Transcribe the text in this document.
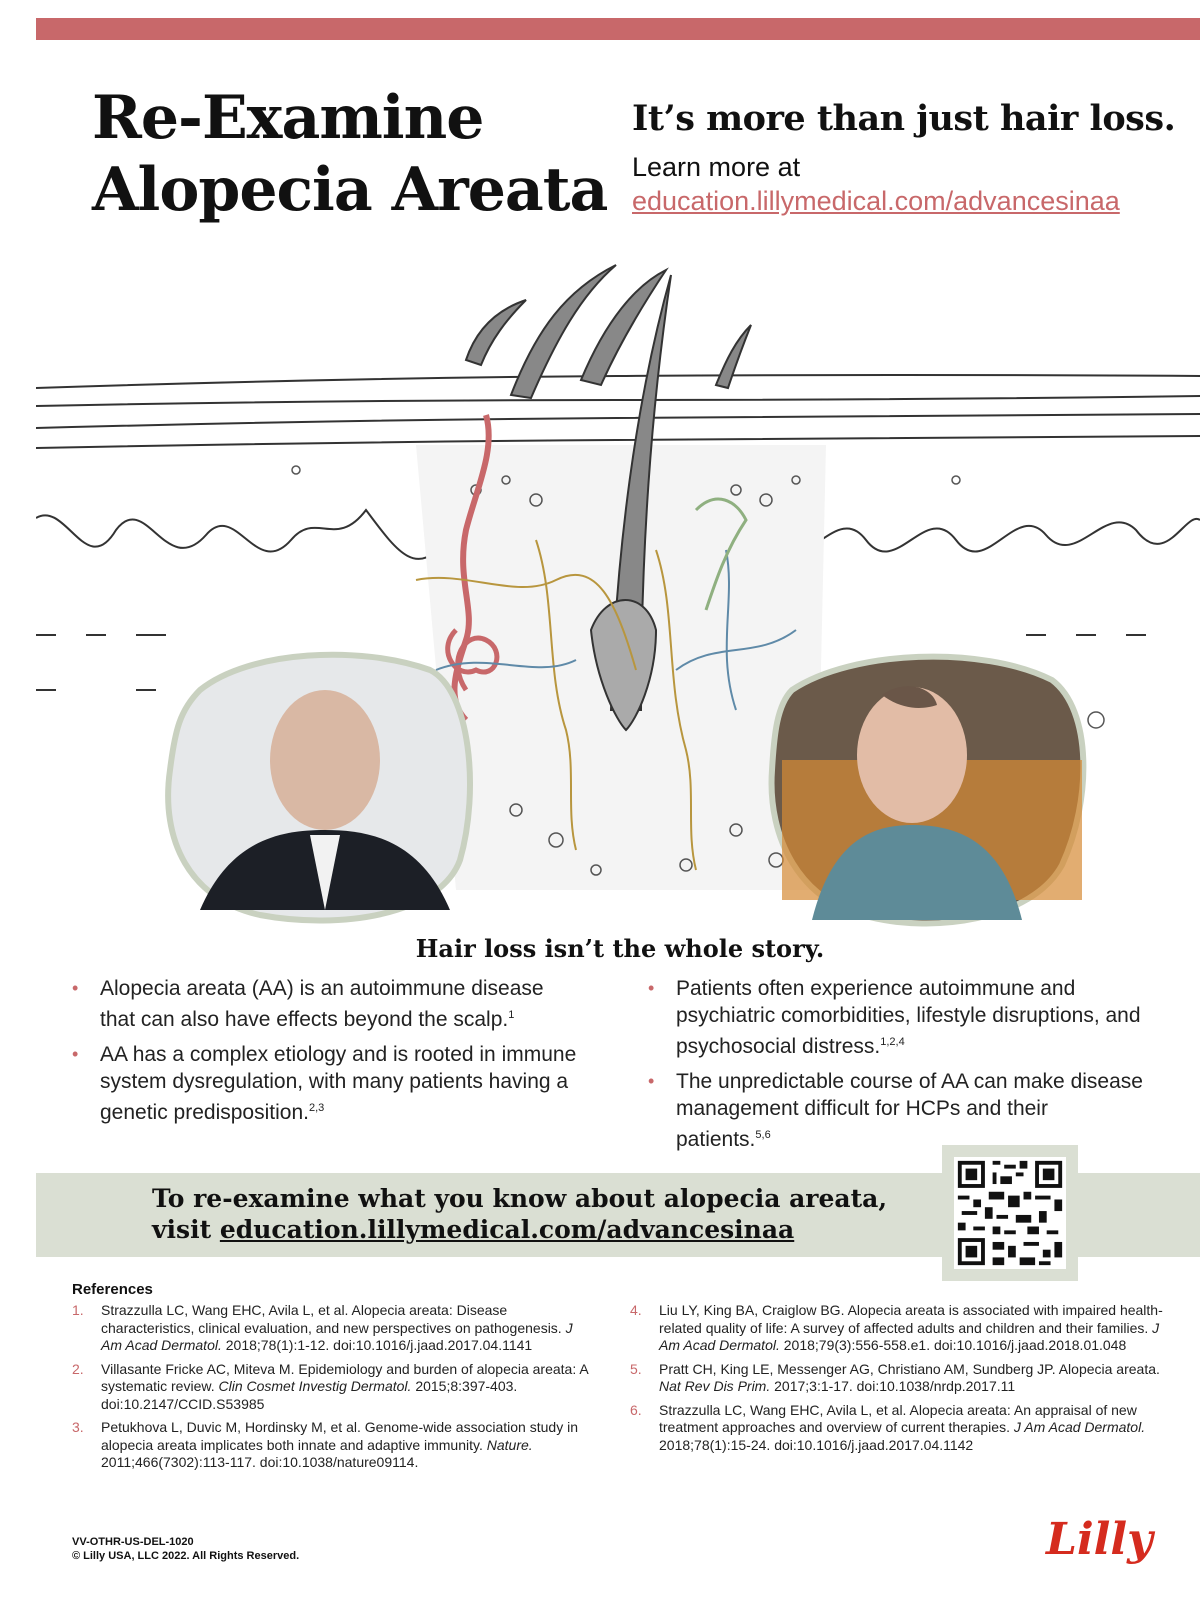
Re-Examine
Alopecia Areata
It’s more than just hair loss.
Learn more at
education.lillymedical.com/advancesinaa
Hair loss isn’t the whole story.
• Alopecia areata (AA) is an autoimmune disease that can also have effects beyond the scalp.$^1$
• AA has a complex etiology and is rooted in immune system dysregulation, with many patients having a genetic predisposition.$^{2,3}$
• Patients often experience autoimmune and psychiatric comorbidities, lifestyle disruptions, and psychosocial distress.$^{1,2,4}$
• The unpredictable course of AA can make disease management difficult for HCPs and their patients.$^{5,6}$
To re-examine what you know about alopecia areata,
visit education.lillymedical.com/advancesinaa
References
1. Strazzulla LC, Wang EHC, Avila L, et al. Alopecia areata: Disease characteristics, clinical evaluation, and new perspectives on pathogenesis. J Am Acad Dermatol. 2018;78(1):1-12. doi:10.1016/j.jaad.2017.04.1141
2. Villasante Fricke AC, Miteva M. Epidemiology and burden of alopecia areata: A systematic review. Clin Cosmet Investig Dermatol. 2015;8:397-403. doi:10.2147/CCID.S53985
3. Petukhova L, Duvic M, Hordinsky M, et al. Genome-wide association study in alopecia areata implicates both innate and adaptive immunity. Nature. 2011;466(7302):113-117. doi:10.1038/nature09114.
4. Liu LY, King BA, Craiglow BG. Alopecia areata is associated with impaired health-related quality of life: A survey of affected adults and children and their families. J Am Acad Dermatol. 2018;79(3):556-558.e1. doi:10.1016/j.jaad.2018.01.048
5. Pratt CH, King LE, Messenger AG, Christiano AM, Sundberg JP. Alopecia areata. Nat Rev Dis Prim. 2017;3:1-17. doi:10.1038/nrdp.2017.11
6. Strazzulla LC, Wang EHC, Avila L, et al. Alopecia areata: An appraisal of new treatment approaches and overview of current therapies. J Am Acad Dermatol. 2018;78(1):15-24. doi:10.1016/j.jaad.2017.04.1142
VV-OTHR-US-DEL-1020
© Lilly USA, LLC 2022. All Rights Reserved.	Lilly
